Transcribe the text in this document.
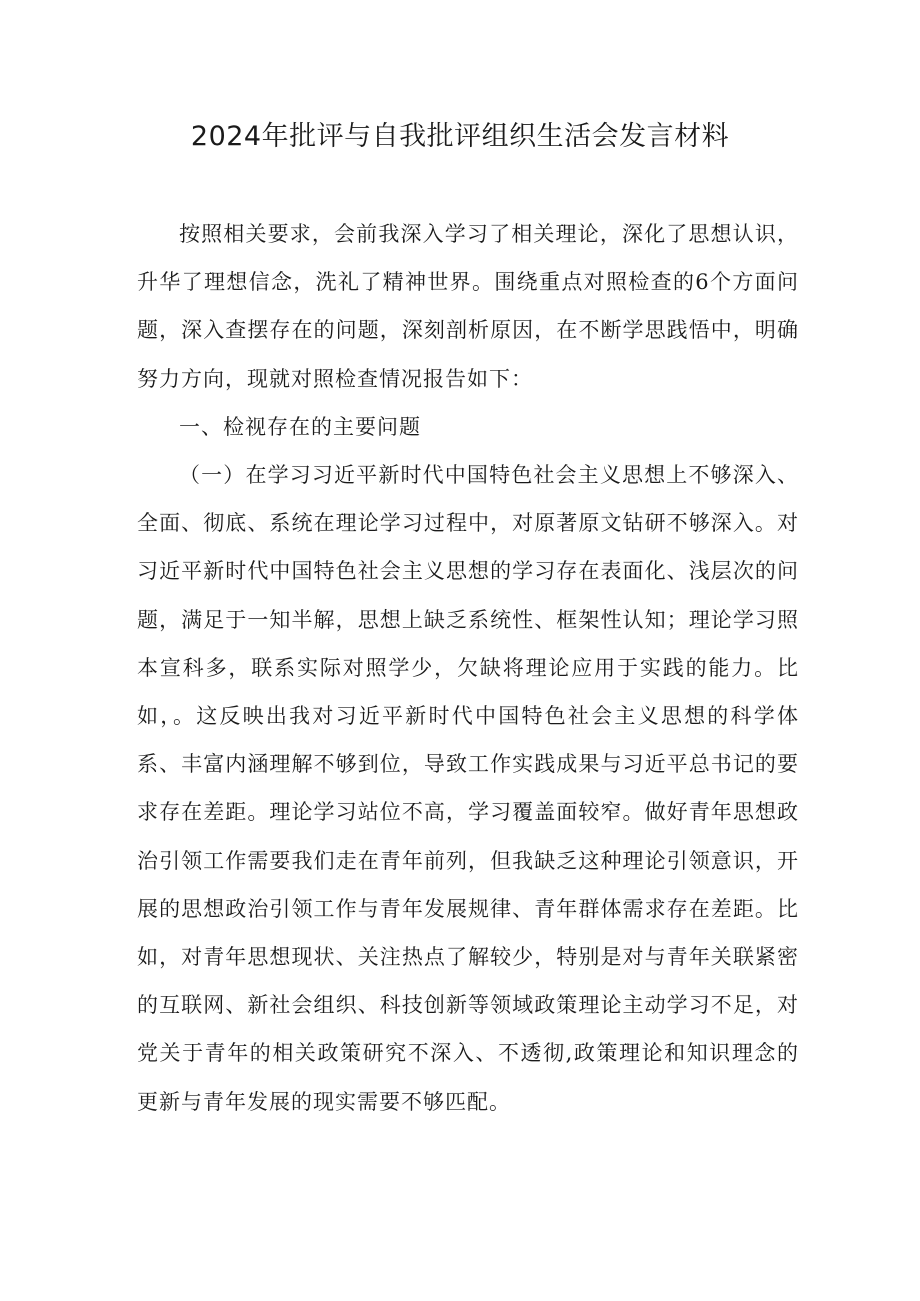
2024年批评与自我批评组织生活会发言材料

按照相关要求，会前我深入学习了相关理论，深化了思想认识，升华了理想信念，洗礼了精神世界。围绕重点对照检查的6个方面问题，深入查摆存在的问题，深刻剖析原因，在不断学思践悟中，明确努力方向，现就对照检查情况报告如下：

一、检视存在的主要问题

（一）在学习习近平新时代中国特色社会主义思想上不够深入、全面、彻底、系统在理论学习过程中，对原著原文钻研不够深入。对习近平新时代中国特色社会主义思想的学习存在表面化、浅层次的问题，满足于一知半解，思想上缺乏系统性、框架性认知；理论学习照本宣科多，联系实际对照学少，欠缺将理论应用于实践的能力。比如，。这反映出我对习近平新时代中国特色社会主义思想的科学体系、丰富内涵理解不够到位，导致工作实践成果与习近平总书记的要求存在差距。理论学习站位不高，学习覆盖面较窄。做好青年思想政治引领工作需要我们走在青年前列，但我缺乏这种理论引领意识，开展的思想政治引领工作与青年发展规律、青年群体需求存在差距。比如，对青年思想现状、关注热点了解较少，特别是对与青年关联紧密的互联网、新社会组织、科技创新等领域政策理论主动学习不足，对党关于青年的相关政策研究不深入、不透彻,政策理论和知识理念的更新与青年发展的现实需要不够匹配。
